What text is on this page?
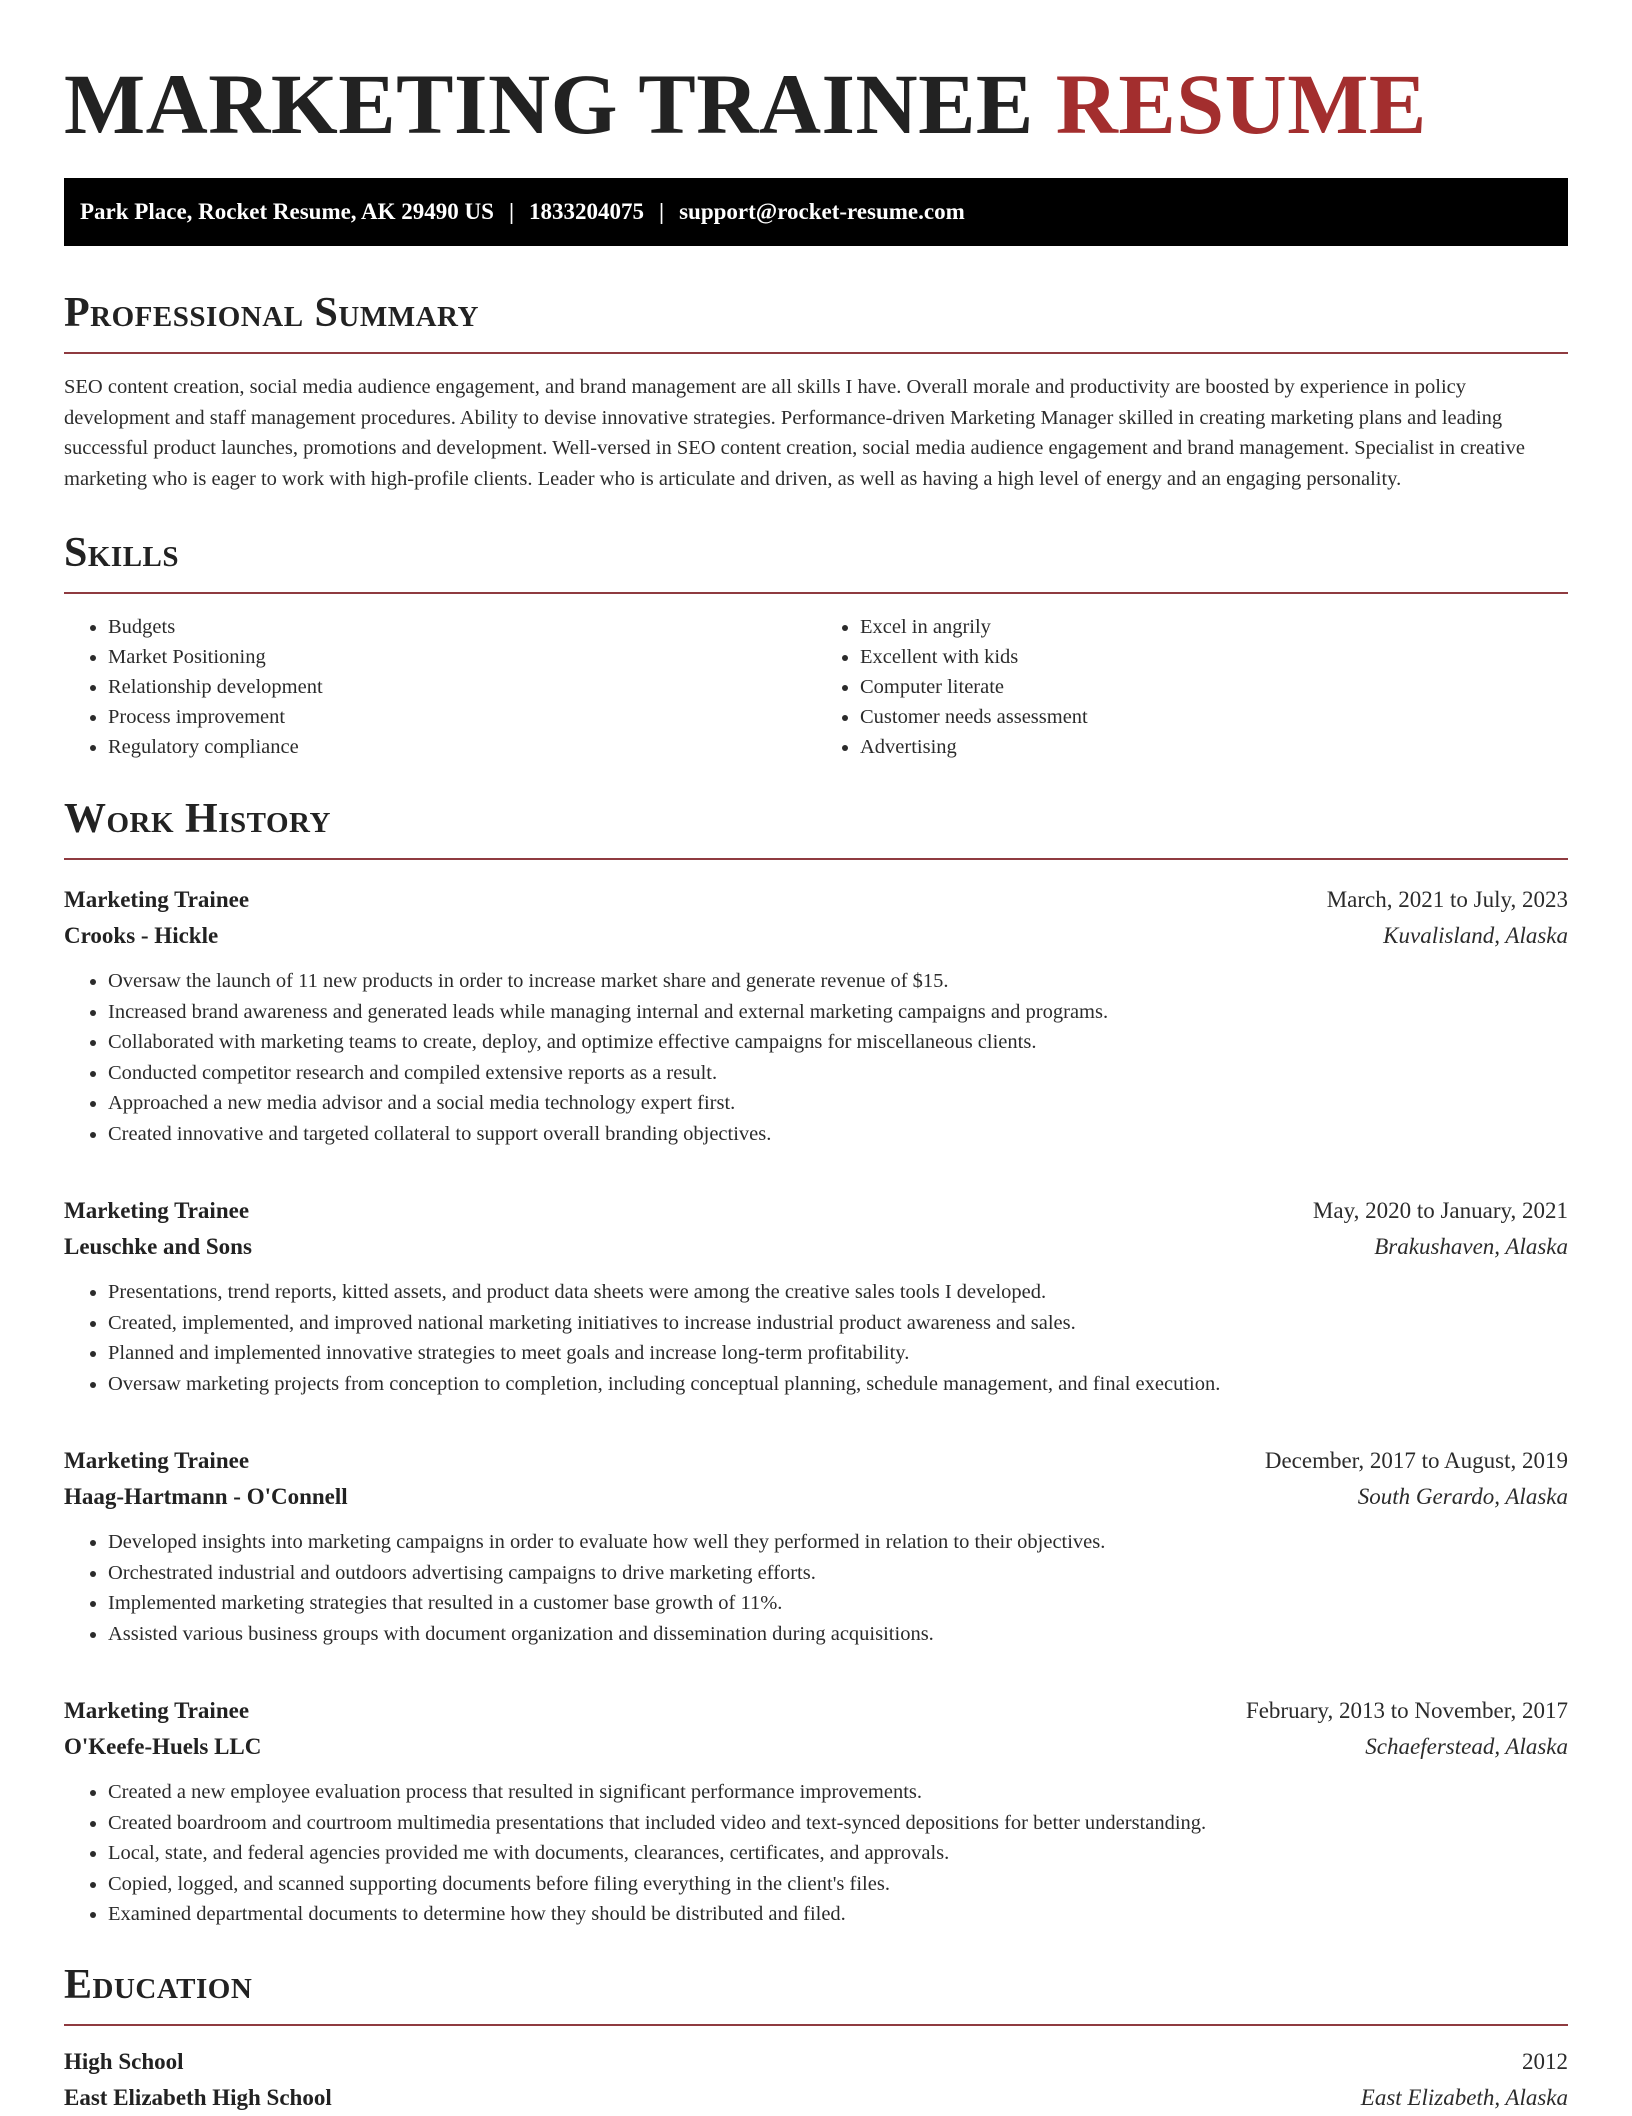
MARKETING TRAINEE RESUME
Park Place, Rocket Resume, AK 29490 US | 1833204075 | support@rocket-resume.com
Professional Summary

SEO content creation, social media audience engagement, and brand management are all skills I have. Overall morale and productivity are boosted by experience in policy development and staff management procedures. Ability to devise innovative strategies. Performance-driven Marketing Manager skilled in creating marketing plans and leading successful product launches, promotions and development. Well-versed in SEO content creation, social media audience engagement and brand management. Specialist in creative marketing who is eager to work with high-profile clients. Leader who is articulate and driven, as well as having a high level of energy and an engaging personality.

Skills
• Budgets
• Market Positioning
• Relationship development
• Process improvement
• Regulatory compliance
• Excel in angrily
• Excellent with kids
• Computer literate
• Customer needs assessment
• Advertising
Work History
Marketing Trainee	March, 2021 to July, 2023
Crooks - Hickle	Kuvalisland, Alaska
• Oversaw the launch of 11 new products in order to increase market share and generate revenue of $15.
• Increased brand awareness and generated leads while managing internal and external marketing campaigns and programs.
• Collaborated with marketing teams to create, deploy, and optimize effective campaigns for miscellaneous clients.
• Conducted competitor research and compiled extensive reports as a result.
• Approached a new media advisor and a social media technology expert first.
• Created innovative and targeted collateral to support overall branding objectives.
Marketing Trainee	May, 2020 to January, 2021
Leuschke and Sons	Brakushaven, Alaska
• Presentations, trend reports, kitted assets, and product data sheets were among the creative sales tools I developed.
• Created, implemented, and improved national marketing initiatives to increase industrial product awareness and sales.
• Planned and implemented innovative strategies to meet goals and increase long-term profitability.
• Oversaw marketing projects from conception to completion, including conceptual planning, schedule management, and final execution.
Marketing Trainee	December, 2017 to August, 2019
Haag-Hartmann - O'Connell	South Gerardo, Alaska
• Developed insights into marketing campaigns in order to evaluate how well they performed in relation to their objectives.
• Orchestrated industrial and outdoors advertising campaigns to drive marketing efforts.
• Implemented marketing strategies that resulted in a customer base growth of 11%.
• Assisted various business groups with document organization and dissemination during acquisitions.
Marketing Trainee	February, 2013 to November, 2017
O'Keefe-Huels LLC	Schaeferstead, Alaska
• Created a new employee evaluation process that resulted in significant performance improvements.
• Created boardroom and courtroom multimedia presentations that included video and text-synced depositions for better understanding.
• Local, state, and federal agencies provided me with documents, clearances, certificates, and approvals.
• Copied, logged, and scanned supporting documents before filing everything in the client's files.
• Examined departmental documents to determine how they should be distributed and filed.
Education
High School	2012
East Elizabeth High School	East Elizabeth, Alaska
